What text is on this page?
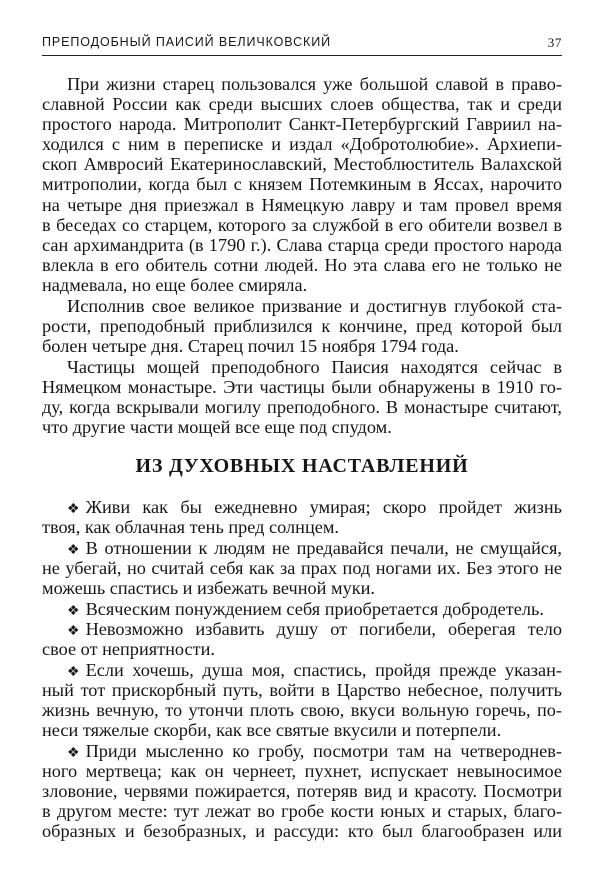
ПРЕПОДОБНЫЙ ПАИСИЙ ВЕЛИЧКОВСКИЙ	37
При жизни старец пользовался уже большой славой в право-
славной России как среди высших слоев общества, так и среди
простого народа. Митрополит Санкт-Петербургский Гавриил на-
ходился с ним в переписке и издал «Добротолюбие». Архиепи-
скоп Амвросий Екатеринославский, Местоблюститель Валахской
митрополии, когда был с князем Потемкиным в Яссах, нарочито
на четыре дня приезжал в Нямецкую лавру и там провел время
в беседах со старцем, которого за службой в его обители возвел в
сан архимандрита (в 1790 г.). Слава старца среди простого народа
влекла в его обитель сотни людей. Но эта слава его не только не
надмевала, но еще более смиряла.
Исполнив свое великое призвание и достигнув глубокой ста-
рости, преподобный приблизился к кончине, пред которой был
болен четыре дня. Старец почил 15 ноября 1794 года.
Частицы мощей преподобного Паисия находятся сейчас в
Нямецком монастыре. Эти частицы были обнаружены в 1910 го-
ду, когда вскрывали могилу преподобного. В монастыре считают,
что другие части мощей все еще под спудом.
ИЗ ДУХОВНЫХ НАСТАВЛЕНИЙ
❖ Живи как бы ежедневно умирая; скоро пройдет жизнь
твоя, как облачная тень пред солнцем.
❖ В отношении к людям не предавайся печали, не смущайся,
не убегай, но считай себя как за прах под ногами их. Без этого не
можешь спастись и избежать вечной муки.
❖ Всяческим понуждением себя приобретается добродетель.
❖ Невозможно избавить душу от погибели, оберегая тело
свое от неприятности.
❖ Если хочешь, душа моя, спастись, пройдя прежде указан-
ный тот прискорбный путь, войти в Царство небесное, получить
жизнь вечную, то утончи плоть свою, вкуси вольную горечь, по-
неси тяжелые скорби, как все святые вкусили и потерпели.
❖ Приди мысленно ко гробу, посмотри там на четвероднев-
ного мертвеца; как он чернеет, пухнет, испускает невыносимое
зловоние, червями пожирается, потеряв вид и красоту. Посмотри
в другом месте: тут лежат во гробе кости юных и старых, благо-
образных и безобразных, и рассуди: кто был благообразен или
